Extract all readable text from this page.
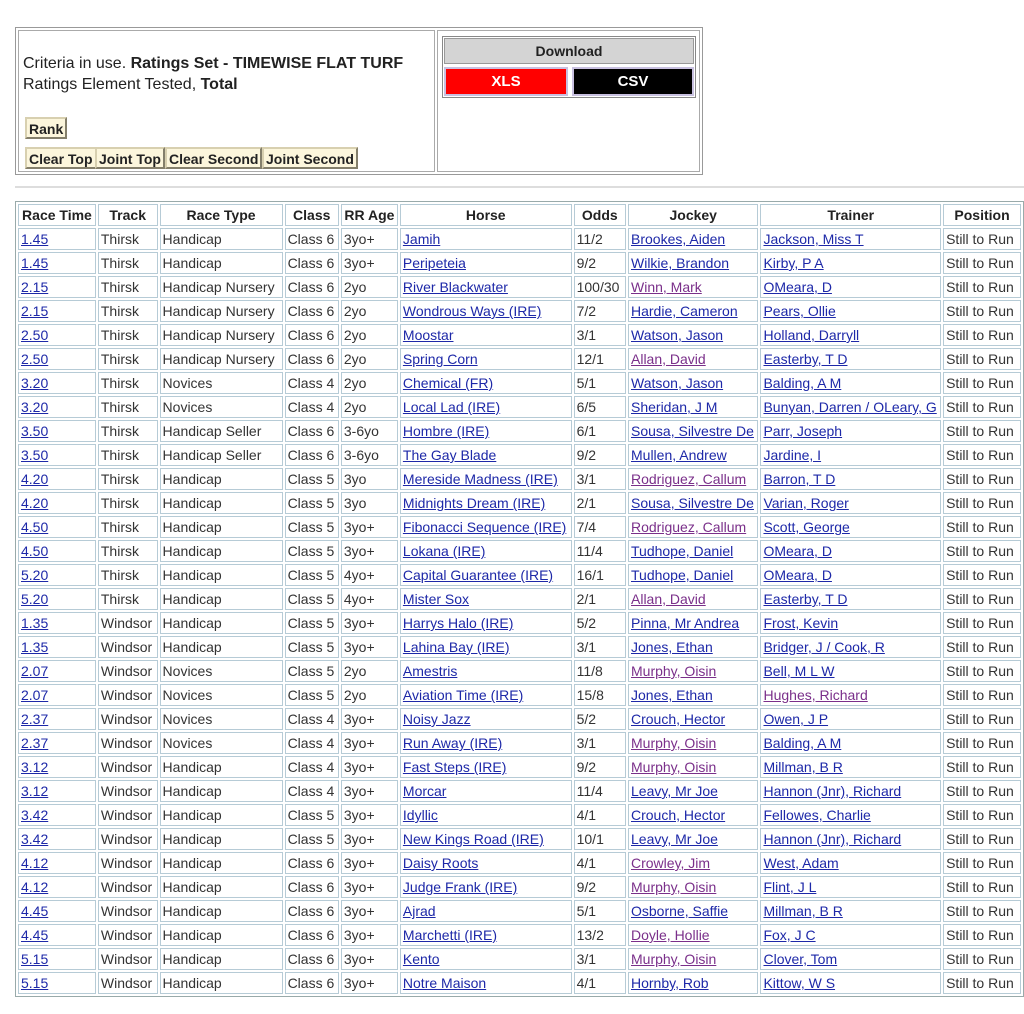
Criteria in use. Ratings Set - TIMEWISE FLAT TURF
Ratings Element Tested, Total
Rank
Clear Top Joint Top Clear Second Joint Second
Download
XLS	CSV
Race Time	Track	Race Type	Class	RR Age	Horse	Odds	Jockey	Trainer	Position
1.45	Thirsk	Handicap	Class 6	3yo+	Jamih	11/2	Brookes, Aiden	Jackson, Miss T	Still to Run
1.45	Thirsk	Handicap	Class 6	3yo+	Peripeteia	9/2	Wilkie, Brandon	Kirby, P A	Still to Run
2.15	Thirsk	Handicap Nursery	Class 6	2yo	River Blackwater	100/30	Winn, Mark	OMeara, D	Still to Run
2.15	Thirsk	Handicap Nursery	Class 6	2yo	Wondrous Ways (IRE)	7/2	Hardie, Cameron	Pears, Ollie	Still to Run
2.50	Thirsk	Handicap Nursery	Class 6	2yo	Moostar	3/1	Watson, Jason	Holland, Darryll	Still to Run
2.50	Thirsk	Handicap Nursery	Class 6	2yo	Spring Corn	12/1	Allan, David	Easterby, T D	Still to Run
3.20	Thirsk	Novices	Class 4	2yo	Chemical (FR)	5/1	Watson, Jason	Balding, A M	Still to Run
3.20	Thirsk	Novices	Class 4	2yo	Local Lad (IRE)	6/5	Sheridan, J M	Bunyan, Darren / OLeary, G	Still to Run
3.50	Thirsk	Handicap Seller	Class 6	3-6yo	Hombre (IRE)	6/1	Sousa, Silvestre De	Parr, Joseph	Still to Run
3.50	Thirsk	Handicap Seller	Class 6	3-6yo	The Gay Blade	9/2	Mullen, Andrew	Jardine, I	Still to Run
4.20	Thirsk	Handicap	Class 5	3yo	Mereside Madness (IRE)	3/1	Rodriguez, Callum	Barron, T D	Still to Run
4.20	Thirsk	Handicap	Class 5	3yo	Midnights Dream (IRE)	2/1	Sousa, Silvestre De	Varian, Roger	Still to Run
4.50	Thirsk	Handicap	Class 5	3yo+	Fibonacci Sequence (IRE)	7/4	Rodriguez, Callum	Scott, George	Still to Run
4.50	Thirsk	Handicap	Class 5	3yo+	Lokana (IRE)	11/4	Tudhope, Daniel	OMeara, D	Still to Run
5.20	Thirsk	Handicap	Class 5	4yo+	Capital Guarantee (IRE)	16/1	Tudhope, Daniel	OMeara, D	Still to Run
5.20	Thirsk	Handicap	Class 5	4yo+	Mister Sox	2/1	Allan, David	Easterby, T D	Still to Run
1.35	Windsor	Handicap	Class 5	3yo+	Harrys Halo (IRE)	5/2	Pinna, Mr Andrea	Frost, Kevin	Still to Run
1.35	Windsor	Handicap	Class 5	3yo+	Lahina Bay (IRE)	3/1	Jones, Ethan	Bridger, J / Cook, R	Still to Run
2.07	Windsor	Novices	Class 5	2yo	Amestris	11/8	Murphy, Oisin	Bell, M L W	Still to Run
2.07	Windsor	Novices	Class 5	2yo	Aviation Time (IRE)	15/8	Jones, Ethan	Hughes, Richard	Still to Run
2.37	Windsor	Novices	Class 4	3yo+	Noisy Jazz	5/2	Crouch, Hector	Owen, J P	Still to Run
2.37	Windsor	Novices	Class 4	3yo+	Run Away (IRE)	3/1	Murphy, Oisin	Balding, A M	Still to Run
3.12	Windsor	Handicap	Class 4	3yo+	Fast Steps (IRE)	9/2	Murphy, Oisin	Millman, B R	Still to Run
3.12	Windsor	Handicap	Class 4	3yo+	Morcar	11/4	Leavy, Mr Joe	Hannon (Jnr), Richard	Still to Run
3.42	Windsor	Handicap	Class 5	3yo+	Idyllic	4/1	Crouch, Hector	Fellowes, Charlie	Still to Run
3.42	Windsor	Handicap	Class 5	3yo+	New Kings Road (IRE)	10/1	Leavy, Mr Joe	Hannon (Jnr), Richard	Still to Run
4.12	Windsor	Handicap	Class 6	3yo+	Daisy Roots	4/1	Crowley, Jim	West, Adam	Still to Run
4.12	Windsor	Handicap	Class 6	3yo+	Judge Frank (IRE)	9/2	Murphy, Oisin	Flint, J L	Still to Run
4.45	Windsor	Handicap	Class 6	3yo+	Ajrad	5/1	Osborne, Saffie	Millman, B R	Still to Run
4.45	Windsor	Handicap	Class 6	3yo+	Marchetti (IRE)	13/2	Doyle, Hollie	Fox, J C	Still to Run
5.15	Windsor	Handicap	Class 6	3yo+	Kento	3/1	Murphy, Oisin	Clover, Tom	Still to Run
5.15	Windsor	Handicap	Class 6	3yo+	Notre Maison	4/1	Hornby, Rob	Kittow, W S	Still to Run
